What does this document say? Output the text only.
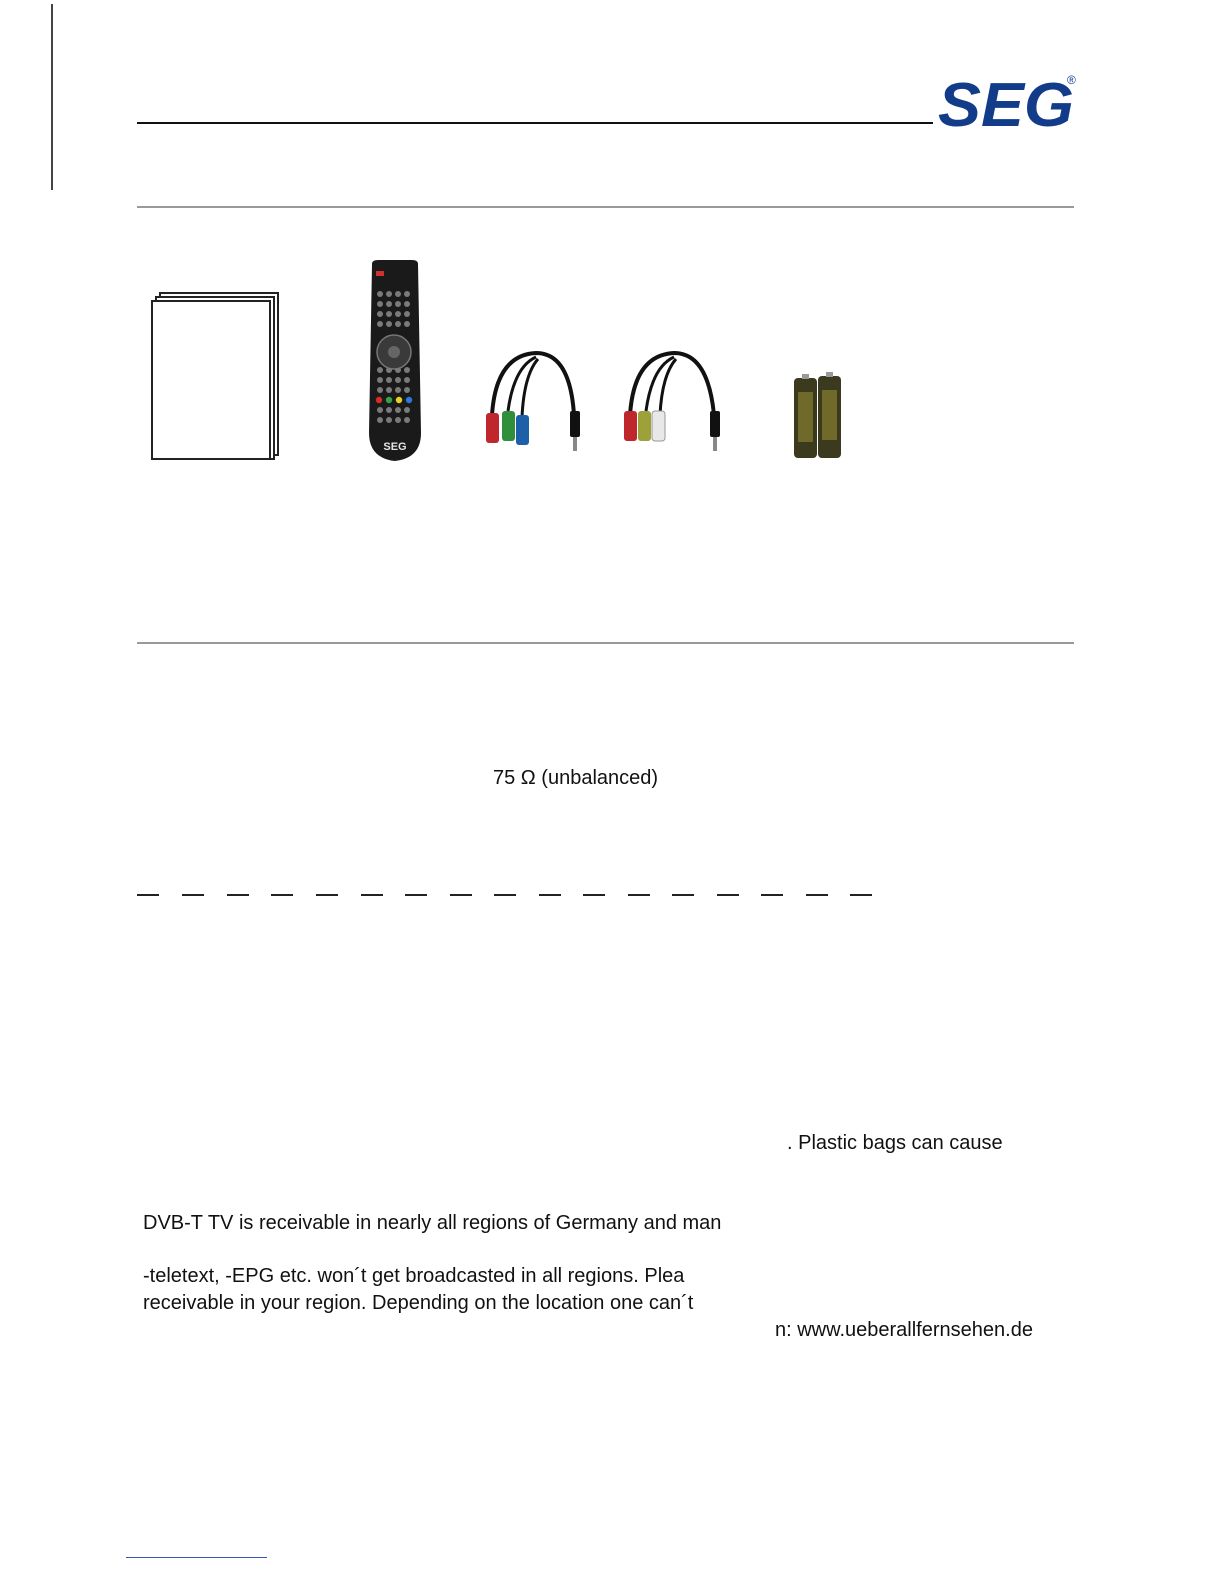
SEG
®
SEG
75 Ω (unbalanced)
. Plastic bags can cause
DVB-T TV is receivable in nearly all regions of Germany and man
-teletext, -EPG etc. won´t get broadcasted in all regions. Plea
receivable in your region. Depending on the location one can´t
n: www.ueberallfernsehen.de
